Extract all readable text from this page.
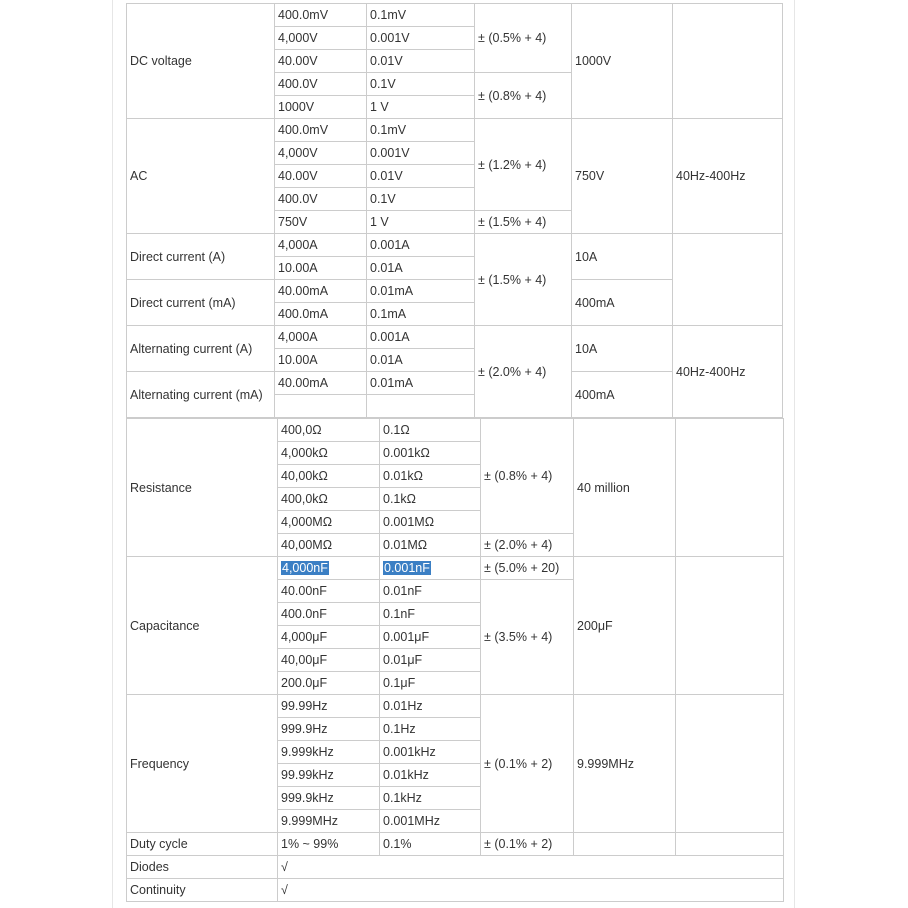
DC voltage	400.0mV	0.1mV	± (0.5% + 4)	1000V	
	4,000V	0.001V			
	40.00V	0.01V			
	400.0V	0.1V	± (0.8% + 4)		
	1000V	1 V			
AC	400.0mV	0.1mV	± (1.2% + 4)	750V	40Hz-400Hz
	4,000V	0.001V			
	40.00V	0.01V			
	400.0V	0.1V			
	750V	1 V	± (1.5% + 4)		
Direct current (A)	4,000A	0.001A	± (1.5% + 4)	10A	
	10.00A	0.01A			
Direct current (mA)	40.00mA	0.01mA		400mA	
	400.0mA	0.1mA			
Alternating current (A)	4,000A	0.001A	± (2.0% + 4)	10A	40Hz-400Hz
	10.00A	0.01A			
Alternating current (mA)	40.00mA	0.01mA		400mA	

Resistance	400,0Ω	0.1Ω	± (0.8% + 4)	40 million	
	4,000kΩ	0.001kΩ			
	40,00kΩ	0.01kΩ			
	400,0kΩ	0.1kΩ			
	4,000MΩ	0.001MΩ			
	40,00MΩ	0.01MΩ	± (2.0% + 4)		
Capacitance	4,000nF	0.001nF	± (5.0% + 20)	200μF	
	40.00nF	0.01nF	± (3.5% + 4)		
	400.0nF	0.1nF			
	4,000μF	0.001μF			
	40,00μF	0.01μF			
	200.0μF	0.1μF			
Frequency	99.99Hz	0.01Hz	± (0.1% + 2)	9.999MHz	
	999.9Hz	0.1Hz			
	9.999kHz	0.001kHz			
	99.99kHz	0.01kHz			
	999.9kHz	0.1kHz			
	9.999MHz	0.001MHz			
Duty cycle	1% ~ 99%	0.1%	± (0.1% + 2)		
Diodes	√				
Continuity	√				
